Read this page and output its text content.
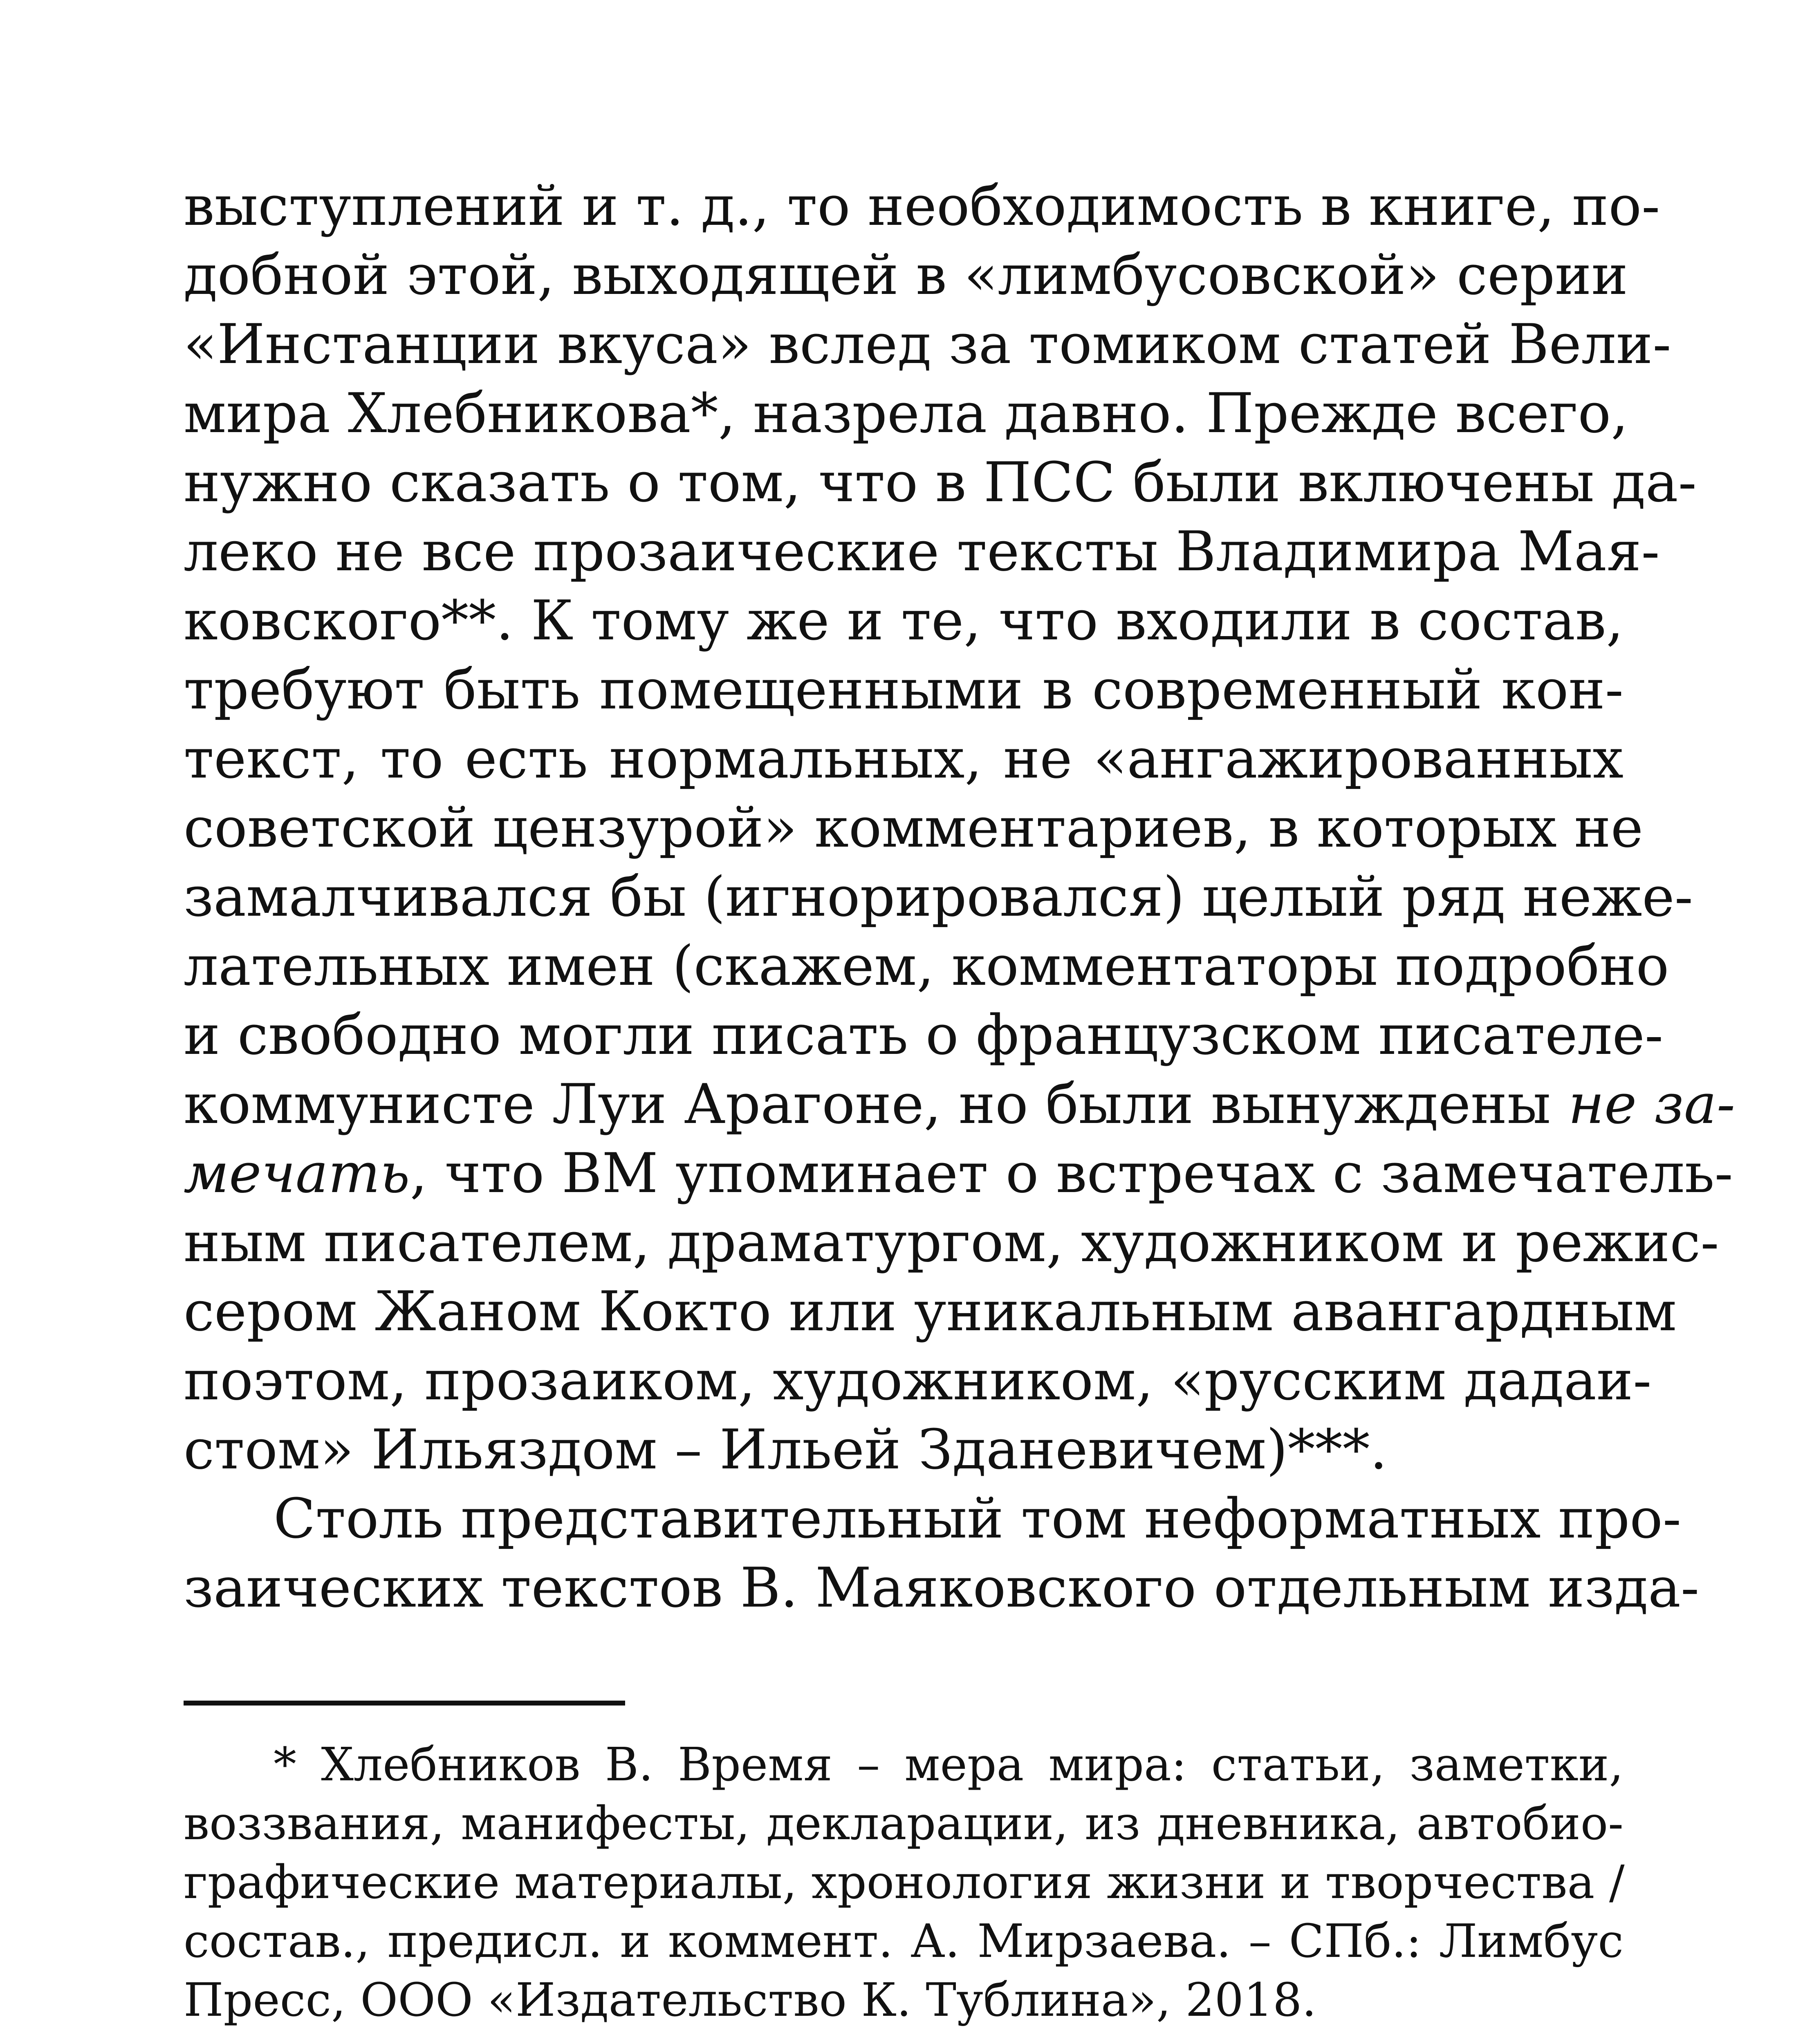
выступлений и т. д., то необходимость в книге, по-
добной этой, выходящей в «лимбусовской» серии
«Инстанции вкуса» вслед за томиком статей Вели-
мира Хлебникова*, назрела давно. Прежде всего,
нужно сказать о том, что в ПСС были включены да-
леко не все прозаические тексты Владимира Мая-
ковского**. К тому же и те, что входили в состав,
требуют быть помещенными в современный кон-
текст, то есть нормальных, не «ангажированных
советской цензурой» комментариев, в которых не
замалчивался бы (игнорировался) целый ряд неже-
лательных имен (скажем, комментаторы подробно
и свободно могли писать о французском писателе-
коммунисте Луи Арагоне, но были вынуждены не за-
мечать, что ВМ упоминает о встречах с замечатель-
ным писателем, драматургом, художником и режис-
сером Жаном Кокто или уникальным авангардным
поэтом, прозаиком, художником, «русским дадаи-
стом» Ильяздом – Ильей Зданевичем)***.
Столь представительный том неформатных про-
заических текстов В. Маяковского отдельным изда-
* Хлебников В. Время – мера мира: статьи, заметки,
воззвания, манифесты, декларации, из дневника, автобио-
графические материалы, хронология жизни и творчества /
состав., предисл. и коммент. А. Мирзаева. – СПб.: Лимбус
Пресс, ООО «Издательство К. Тублина», 2018.
